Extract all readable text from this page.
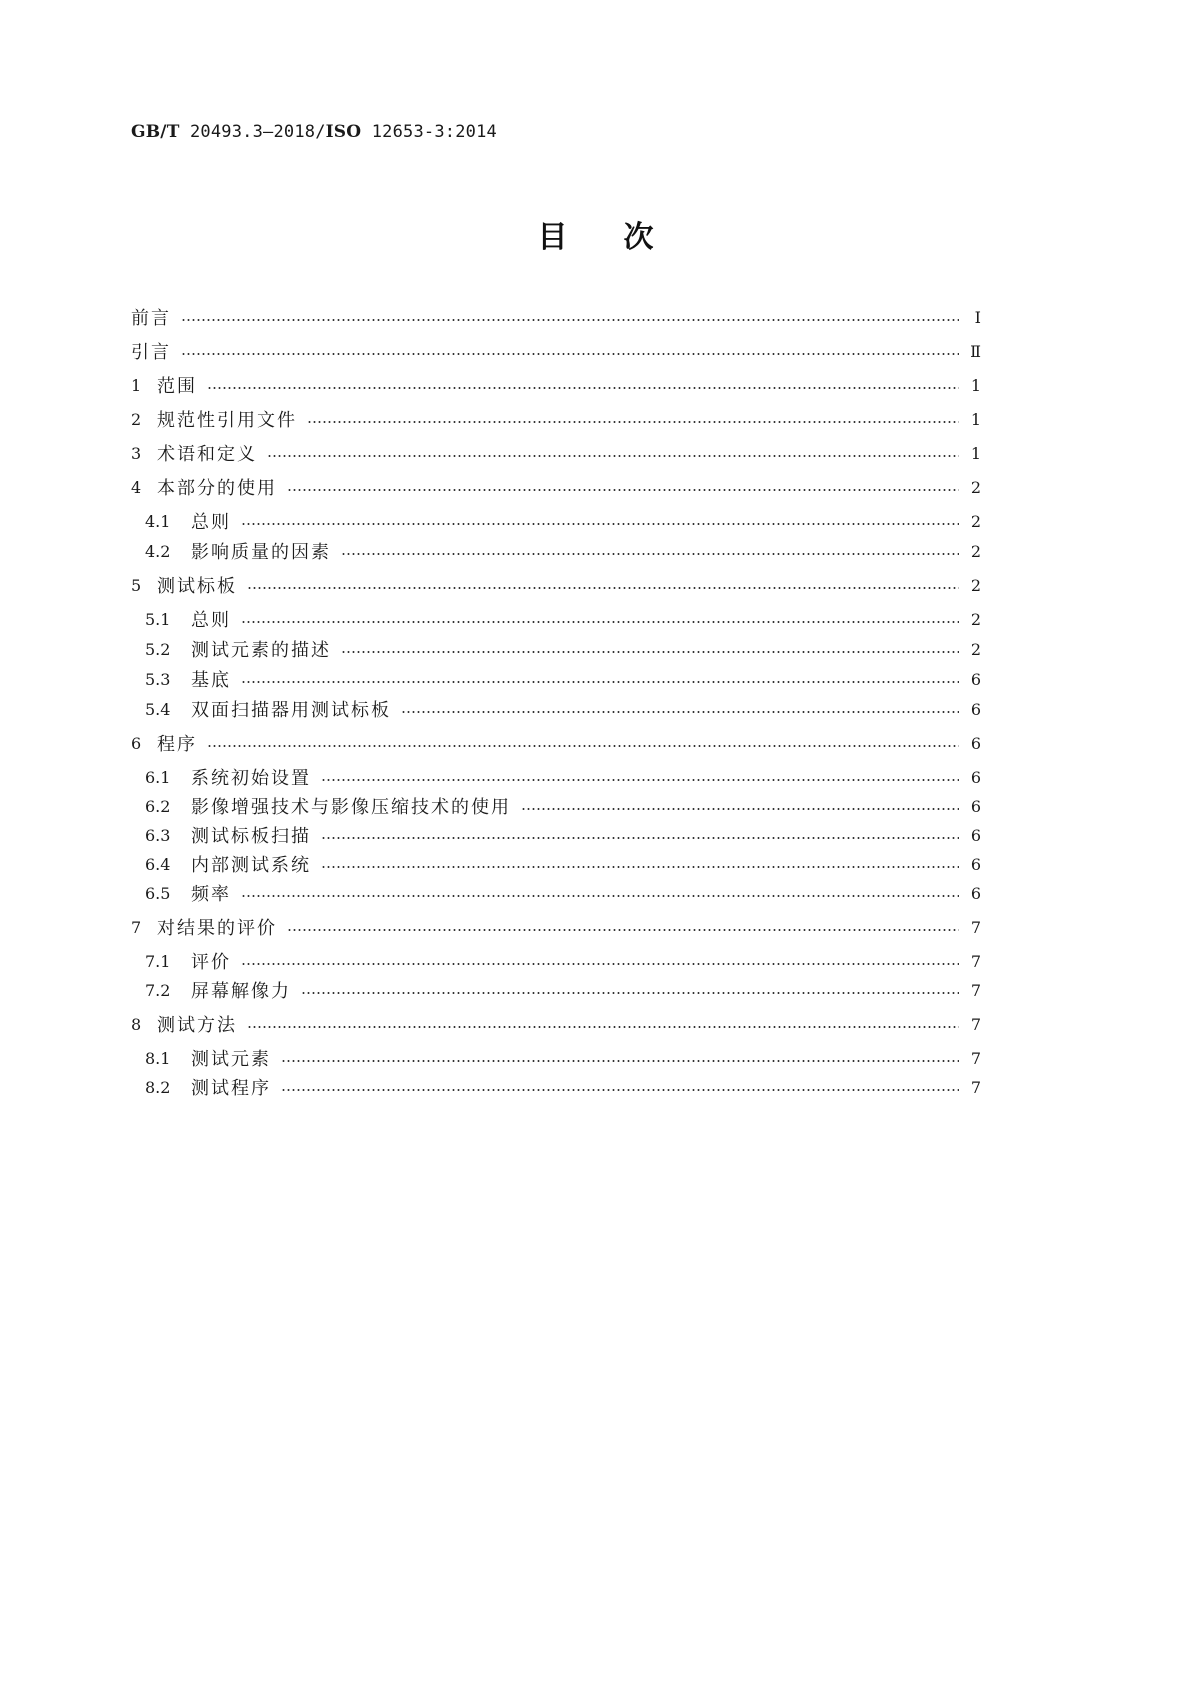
GB/T 20493.3—2018/ISO 12653-3:2014
目次
前言	Ⅰ
引言	Ⅱ
1 范围	1
2 规范性引用文件	1
3 术语和定义	1
4 本部分的使用	2
4.1	总则	2
4.2	影响质量的因素	2
5 测试标板	2
5.1	总则	2
5.2	测试元素的描述	2
5.3	基底	6
5.4	双面扫描器用测试标板	6
6 程序	6
6.1	系统初始设置	6
6.2	影像增强技术与影像压缩技术的使用	6
6.3	测试标板扫描	6
6.4	内部测试系统	6
6.5	频率	6
7 对结果的评价	7
7.1	评价	7
7.2	屏幕解像力	7
8 测试方法	7
8.1	测试元素	7
8.2	测试程序	7
